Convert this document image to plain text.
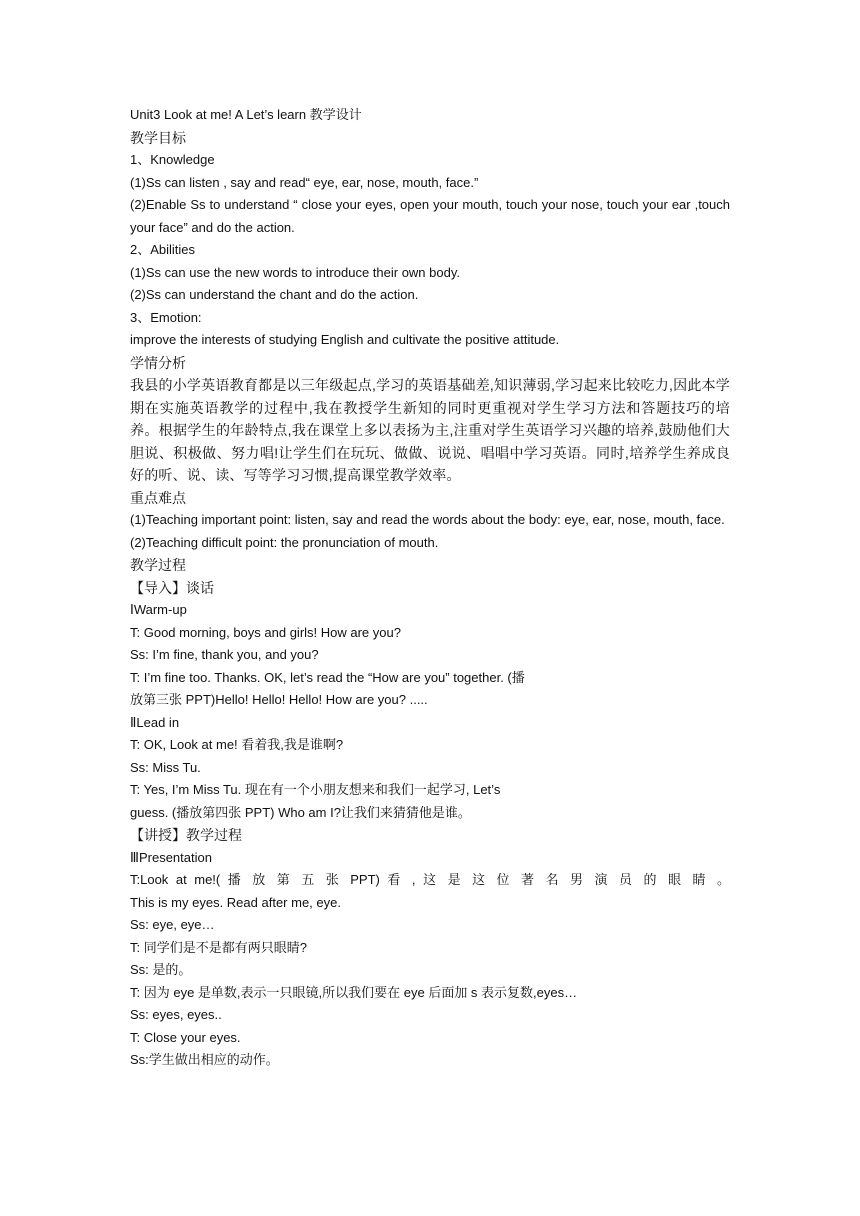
Unit3 Look at me! A Let’s learn 教学设计
教学目标
1、Knowledge
(1)Ss can listen , say and read“ eye, ear, nose, mouth, face.”
(2)Enable Ss to understand “ close your eyes, open your mouth, touch your nose, touch your ear ,touch your face” and do the action.
2、Abilities
(1)Ss can use the new words to introduce their own body.
(2)Ss can understand the chant and do the action.
3、Emotion:
improve the interests of studying English and cultivate the positive attitude.
学情分析
我县的小学英语教育都是以三年级起点,学习的英语基础差,知识薄弱,学习起来比较吃力,因此本学期在实施英语教学的过程中,我在教授学生新知的同时更重视对学生学习方法和答题技巧的培养。根据学生的年龄特点,我在课堂上多以表扬为主,注重对学生英语学习兴趣的培养,鼓励他们大胆说、积极做、努力唱!让学生们在玩玩、做做、说说、唱唱中学习英语。同时,培养学生养成良好的听、说、读、写等学习习惯,提高课堂教学效率。
重点难点
(1)Teaching important point: listen, say and read the words about the body: eye, ear, nose, mouth, face.
(2)Teaching difficult point: the pronunciation of mouth.
教学过程
【导入】谈话
ⅠWarm-up
T: Good morning, boys and girls! How are you?
Ss: I’m fine, thank you, and you?
T: I’m fine too. Thanks. OK, let’s read the “How are you” together. (播
放第三张 PPT)Hello! Hello! Hello! How are you? .....
ⅡLead in
T: OK, Look at me! 看着我,我是谁啊?
Ss: Miss Tu.
T: Yes, I’m Miss Tu. 现在有一个小朋友想来和我们一起学习, Let’s
guess. (播放第四张 PPT) Who am I?让我们来猜猜他是谁。
【讲授】教学过程
ⅢPresentation
T:Look at me!( 播 放 第 五 张 PPT) 看 , 这 是 这 位 著 名 男 演 员 的 眼 睛 。
This is my eyes. Read after me, eye.
Ss: eye, eye…
T: 同学们是不是都有两只眼睛?
Ss: 是的。
T: 因为 eye 是单数,表示一只眼镜,所以我们要在 eye 后面加 s 表示复数,eyes…
Ss: eyes, eyes..
T: Close your eyes.
Ss:学生做出相应的动作。
